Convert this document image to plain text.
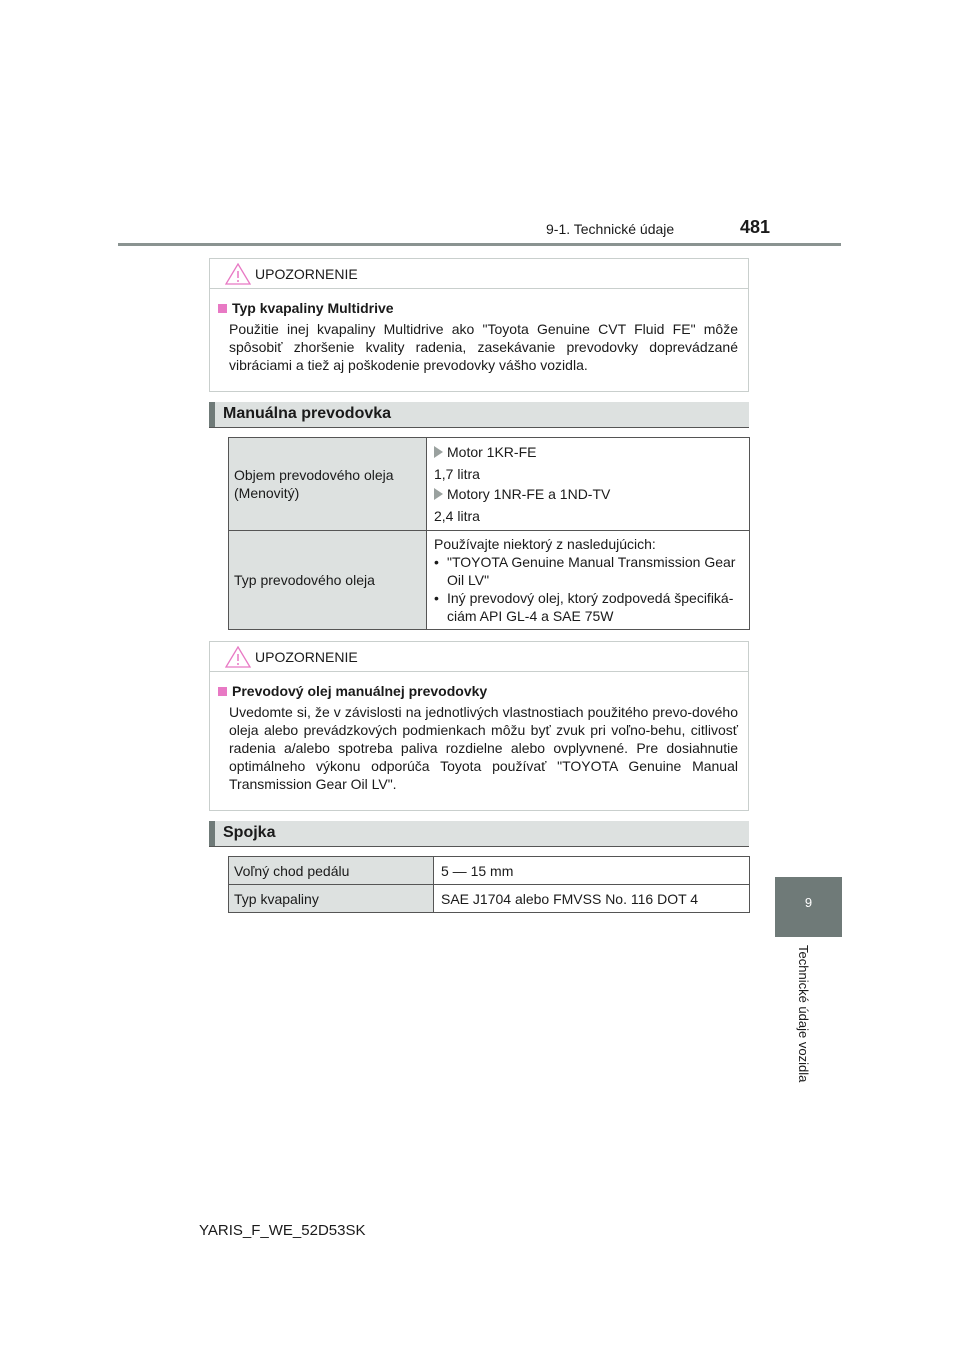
9-1. Technické údaje	481
9
Technické údaje vozidla
UPOZORNENIE
Typ kvapaliny Multidrive
Použitie inej kvapaliny Multidrive ako "Toyota Genuine CVT Fluid FE" môže spôsobiť zhoršenie kvality radenia, zasekávanie prevodovky doprevádzané vibráciami a tiež aj poškodenie prevodovky vášho vozidla.
Manuálna prevodovka
Objem prevodového oleja (Menovitý)	Motor 1KR-FE
1,7 litra
Motory 1NR-FE a 1ND-TV
2,4 litra

Typ prevodového oleja	Používajte niektorý z nasledujúcich:
• "TOYOTA Genuine Manual Transmission Gear Oil LV"
• Iný prevodový olej, ktorý zodpovedá špecifiká-ciám API GL-4 a SAE 75W
UPOZORNENIE
Prevodový olej manuálnej prevodovky
Uvedomte si, že v závislosti na jednotlivých vlastnostiach použitého prevo-dového oleja alebo prevádzkových podmienkach môžu byť zvuk pri voľno-behu, citlivosť radenia a/alebo spotreba paliva rozdielne alebo ovplyvnené. Pre dosiahnutie optimálneho výkonu odporúča Toyota používať "TOYOTA Genuine Manual Transmission Gear Oil LV".
Spojka
Voľný chod pedálu	5 — 15 mm
Typ kvapaliny	SAE J1704 alebo FMVSS No. 116 DOT 4
YARIS_F_WE_52D53SK
